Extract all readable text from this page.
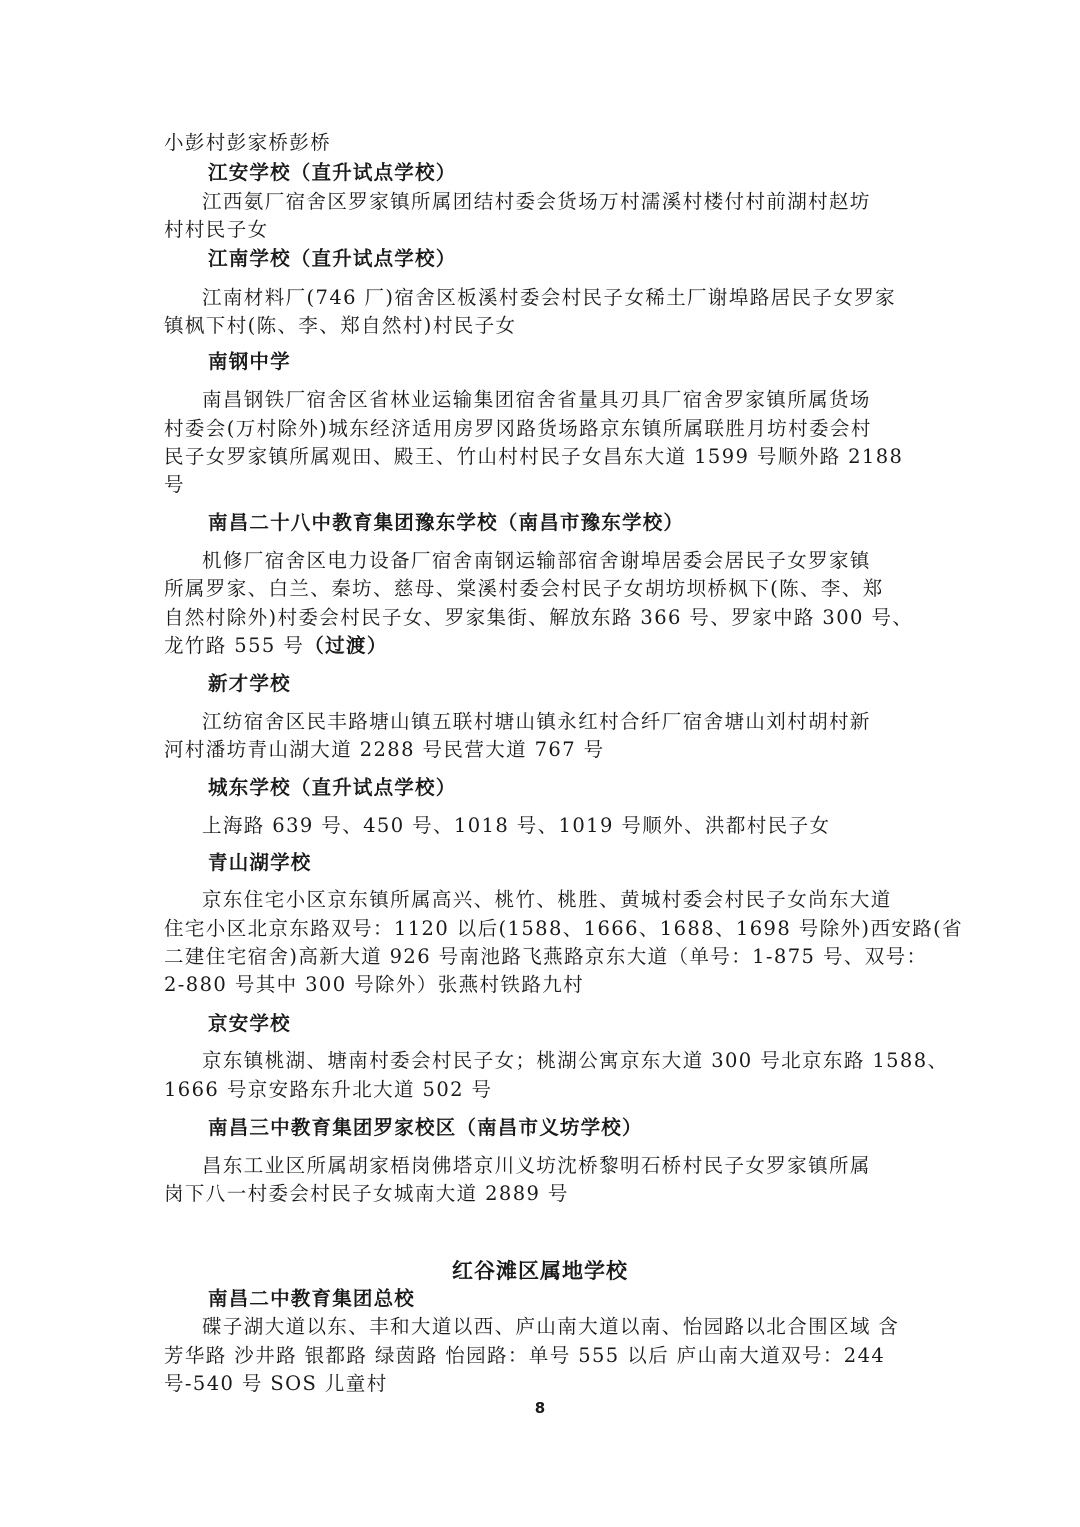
小彭村彭家桥彭桥

江安学校（直升试点学校）

江西氨厂宿舍区罗家镇所属团结村委会货场万村濡溪村楼付村前湖村赵坊

村村民子女

江南学校（直升试点学校）

江南材料厂(746 厂)宿舍区板溪村委会村民子女稀土厂谢埠路居民子女罗家

镇枫下村(陈、李、郑自然村)村民子女

南钢中学

南昌钢铁厂宿舍区省林业运输集团宿舍省量具刃具厂宿舍罗家镇所属货场

村委会(万村除外)城东经济适用房罗冈路货场路京东镇所属联胜月坊村委会村

民子女罗家镇所属观田、殿王、竹山村村民子女昌东大道 1599 号顺外路 2188

号

南昌二十八中教育集团豫东学校（南昌市豫东学校）

机修厂宿舍区电力设备厂宿舍南钢运输部宿舍谢埠居委会居民子女罗家镇

所属罗家、白兰、秦坊、慈母、棠溪村委会村民子女胡坊坝桥枫下(陈、李、郑

自然村除外)村委会村民子女、罗家集街、解放东路 366 号、罗家中路 300 号、

龙竹路 555 号（过渡）

新才学校

江纺宿舍区民丰路塘山镇五联村塘山镇永红村合纤厂宿舍塘山刘村胡村新

河村潘坊青山湖大道 2288 号民营大道 767 号

城东学校（直升试点学校）

上海路 639 号、450 号、1018 号、1019 号顺外、洪都村民子女

青山湖学校

京东住宅小区京东镇所属高兴、桃竹、桃胜、黄城村委会村民子女尚东大道

住宅小区北京东路双号：1120 以后(1588、1666、1688、1698 号除外)西安路(省

二建住宅宿舍)高新大道 926 号南池路飞燕路京东大道（单号：1-875 号、双号：

2-880 号其中 300 号除外）张燕村铁路九村

京安学校

京东镇桃湖、塘南村委会村民子女；桃湖公寓京东大道 300 号北京东路 1588、

1666 号京安路东升北大道 502 号

南昌三中教育集团罗家校区（南昌市义坊学校）

昌东工业区所属胡家梧岗佛塔京川义坊沈桥黎明石桥村民子女罗家镇所属

岗下八一村委会村民子女城南大道 2889 号

红谷滩区属地学校

南昌二中教育集团总校

碟子湖大道以东、丰和大道以西、庐山南大道以南、怡园路以北合围区域 含

芳华路 沙井路 银都路 绿茵路 怡园路：单号 555 以后 庐山南大道双号：244

号-540 号 SOS 儿童村

8
